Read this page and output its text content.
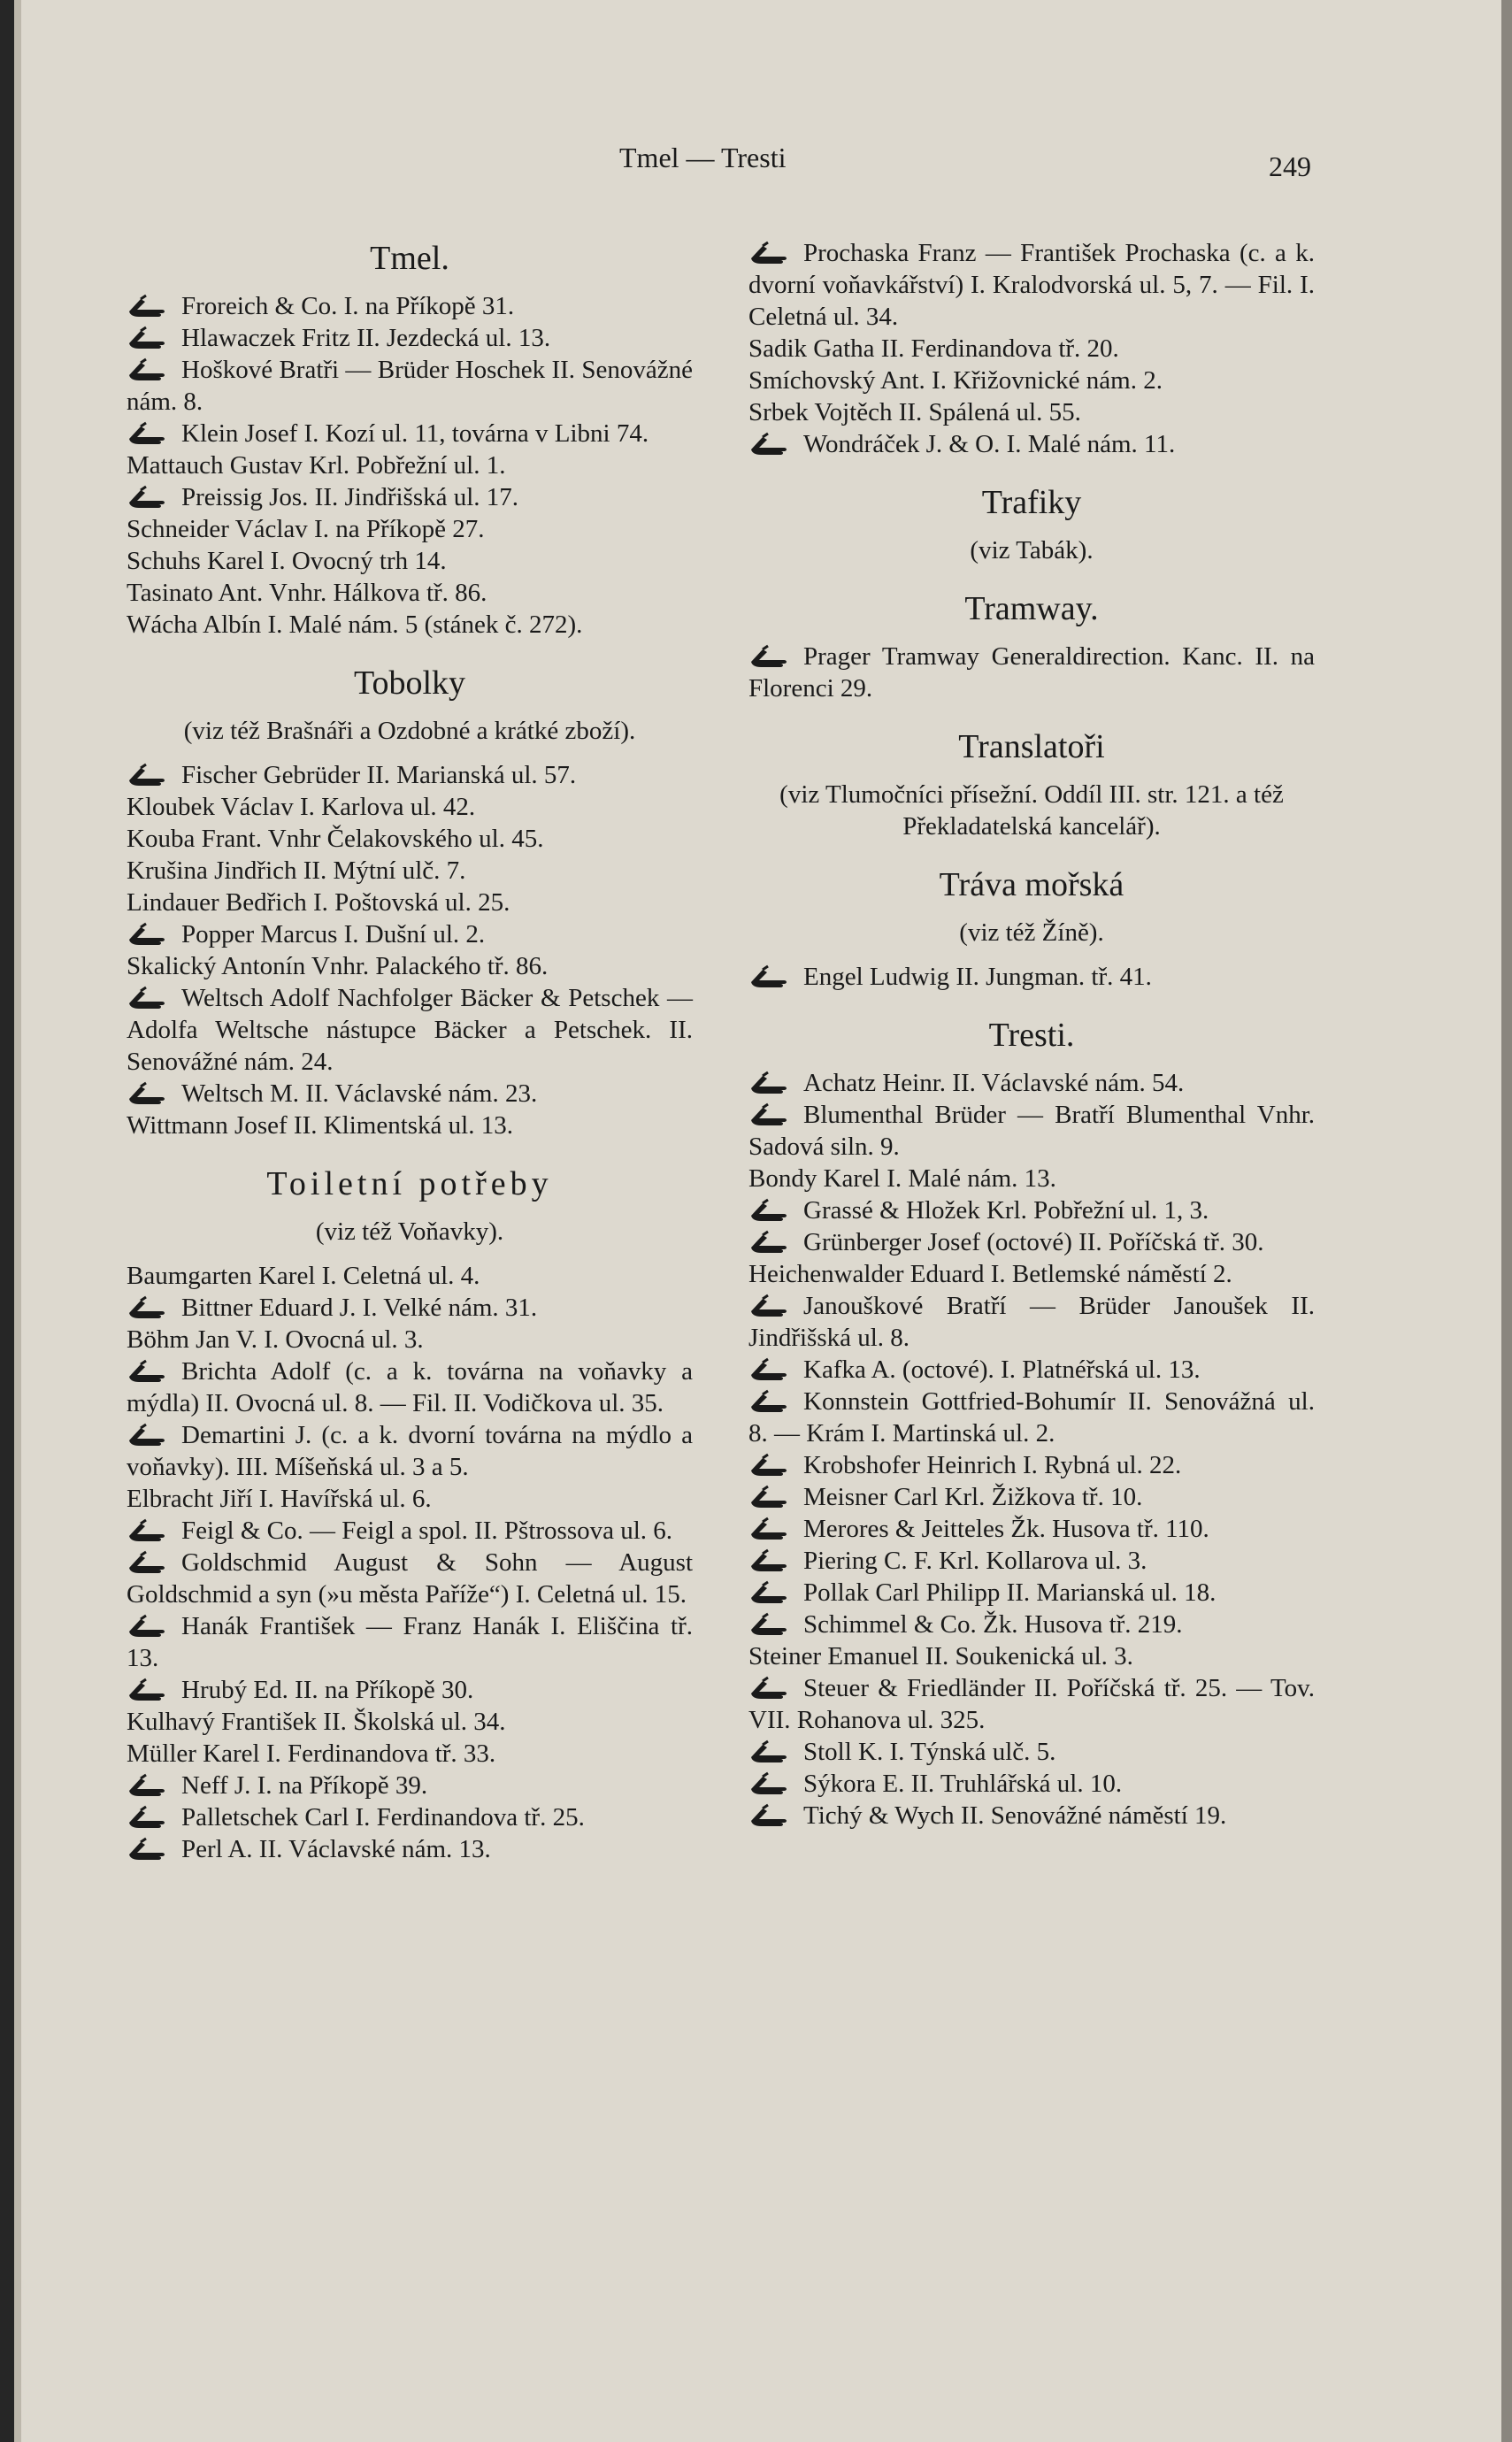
Tmel — Tresti	249
Tmel.
Froreich & Co. I. na Příkopě 31.
Hlawaczek Fritz II. Jezdecká ul. 13.
Hoškové Bratři — Brüder Hoschek II. Senovážné nám. 8.
Klein Josef I. Kozí ul. 11, továrna v Libni 74.
Mattauch Gustav Krl. Pobřežní ul. 1.
Preissig Jos. II. Jindřišská ul. 17.
Schneider Václav I. na Příkopě 27.
Schuhs Karel I. Ovocný trh 14.
Tasinato Ant. Vnhr. Hálkova tř. 86.
Wácha Albín I. Malé nám. 5 (stánek č. 272).
Tobolky
(viz též Brašnáři a Ozdobné a krátké zboží).
Fischer Gebrüder II. Marianská ul. 57.
Kloubek Václav I. Karlova ul. 42.
Kouba Frant. Vnhr Čelakovského ul. 45.
Krušina Jindřich II. Mýtní ulč. 7.
Lindauer Bedřich I. Poštovská ul. 25.
Popper Marcus I. Dušní ul. 2.
Skalický Antonín Vnhr. Palackého tř. 86.
Weltsch Adolf Nachfolger Bäcker & Petschek — Adolfa Weltsche nástupce Bäcker a Petschek. II. Senovážné nám. 24.
Weltsch M. II. Václavské nám. 23.
Wittmann Josef II. Klimentská ul. 13.
Toiletní potřeby
(viz též Voňavky).
Baumgarten Karel I. Celetná ul. 4.
Bittner Eduard J. I. Velké nám. 31.
Böhm Jan V. I. Ovocná ul. 3.
Brichta Adolf (c. a k. továrna na voňavky a mýdla) II. Ovocná ul. 8. — Fil. II. Vodičkova ul. 35.
Demartini J. (c. a k. dvorní továrna na mýdlo a voňavky). III. Míšeňská ul. 3 a 5.
Elbracht Jiří I. Havířská ul. 6.
Feigl & Co. — Feigl a spol. II. Pštrossova ul. 6.
Goldschmid August & Sohn — August Goldschmid a syn (»u města Paříže“) I. Celetná ul. 15.
Hanák František — Franz Hanák I. Eliščina tř. 13.
Hrubý Ed. II. na Příkopě 30.
Kulhavý František II. Školská ul. 34.
Müller Karel I. Ferdinandova tř. 33.
Neff J. I. na Příkopě 39.
Palletschek Carl I. Ferdinandova tř. 25.
Perl A. II. Václavské nám. 13.
Prochaska Franz — František Prochaska (c. a k. dvorní voňavkářství) I. Kralodvorská ul. 5, 7. — Fil. I. Celetná ul. 34.
Sadik Gatha II. Ferdinandova tř. 20.
Smíchovský Ant. I. Křižovnické nám. 2.
Srbek Vojtěch II. Spálená ul. 55.
Wondráček J. & O. I. Malé nám. 11.
Trafiky
(viz Tabák).
Tramway.
Prager Tramway Generaldirection. Kanc. II. na Florenci 29.
Translatoři
(viz Tlumočníci přísežní. Oddíl III. str. 121. a též Překladatelská kancelář).
Tráva mořská
(viz též Žíně).
Engel Ludwig II. Jungman. tř. 41.
Tresti.
Achatz Heinr. II. Václavské nám. 54.
Blumenthal Brüder — Bratří Blumenthal Vnhr. Sadová siln. 9.
Bondy Karel I. Malé nám. 13.
Grassé & Hložek Krl. Pobřežní ul. 1, 3.
Grünberger Josef (octové) II. Poříčská tř. 30.
Heichenwalder Eduard I. Betlemské náměstí 2.
Janouškové Bratří — Brüder Janoušek II. Jindřišská ul. 8.
Kafka A. (octové). I. Platnéřská ul. 13.
Konnstein Gottfried-Bohumír II. Senovážná ul. 8. — Krám I. Martinská ul. 2.
Krobshofer Heinrich I. Rybná ul. 22.
Meisner Carl Krl. Žižkova tř. 10.
Merores & Jeitteles Žk. Husova tř. 110.
Piering C. F. Krl. Kollarova ul. 3.
Pollak Carl Philipp II. Marianská ul. 18.
Schimmel & Co. Žk. Husova tř. 219.
Steiner Emanuel II. Soukenická ul. 3.
Steuer & Friedländer II. Poříčská tř. 25. — Tov. VII. Rohanova ul. 325.
Stoll K. I. Týnská ulč. 5.
Sýkora E. II. Truhlářská ul. 10.
Tichý & Wych II. Senovážné náměstí 19.
